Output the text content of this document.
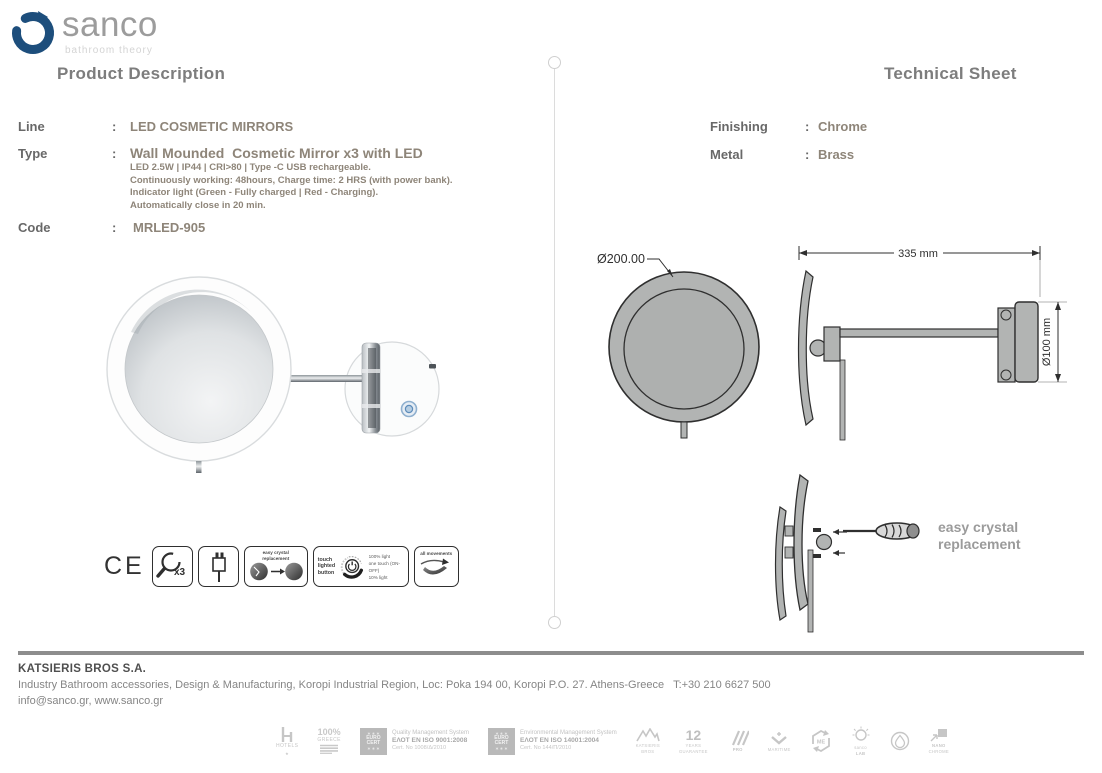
sanco
bathroom theory
Product Description	Technical Sheet
Line	: LED COSMETIC MIRRORS
Type	: Wall Mounded  Cosmetic Mirror x3 with LED
LED 2.5W | IP44 | CRI>80 | Type -C USB rechargeable.
Continuously working: 48hours, Charge time: 2 HRS (with power bank).
Indicator light (Green - Fully charged | Red - Charging).
Automatically close in 20 min.
Code	: MRLED-905
Finishing	: Chrome
Metal	: Brass
CE	x3
easy crystal
replacement	touch
lighted
button
100% light
one touch (ON-OFF)
10% light
all movements
Ø200.00	335 mm
Ø100 mm
easy crystal
replacement
KATSIERIS BROS S.A.
Industry Bathroom accessories, Design & Manufacturing, Koropi Industrial Region, Loc: Poka 194 00, Koropi P.O. 27. Athens-Greece   T:+30 210 6627 500
info@sanco.gr, www.sanco.gr
HOTELS
★
100%
GREECE
✶ ✶ ✶
EURO
CERT
✶ ✶ ✶
Quality Management System
ΕΛΟΤ EN ISO 9001:2008
Cert. No 1008/Δ/2010
✶ ✶ ✶
EURO
CERT
✶ ✶ ✶
Environmental Management System
ΕΛΟΤ EN ISO 14001:2004
Cert. No 144/Π/2010	KATSIERIS
BROS
12
YEARS
GUARANTEE	PRO	MARITIME
ME
sanco
LAB
NANO
CHROME
